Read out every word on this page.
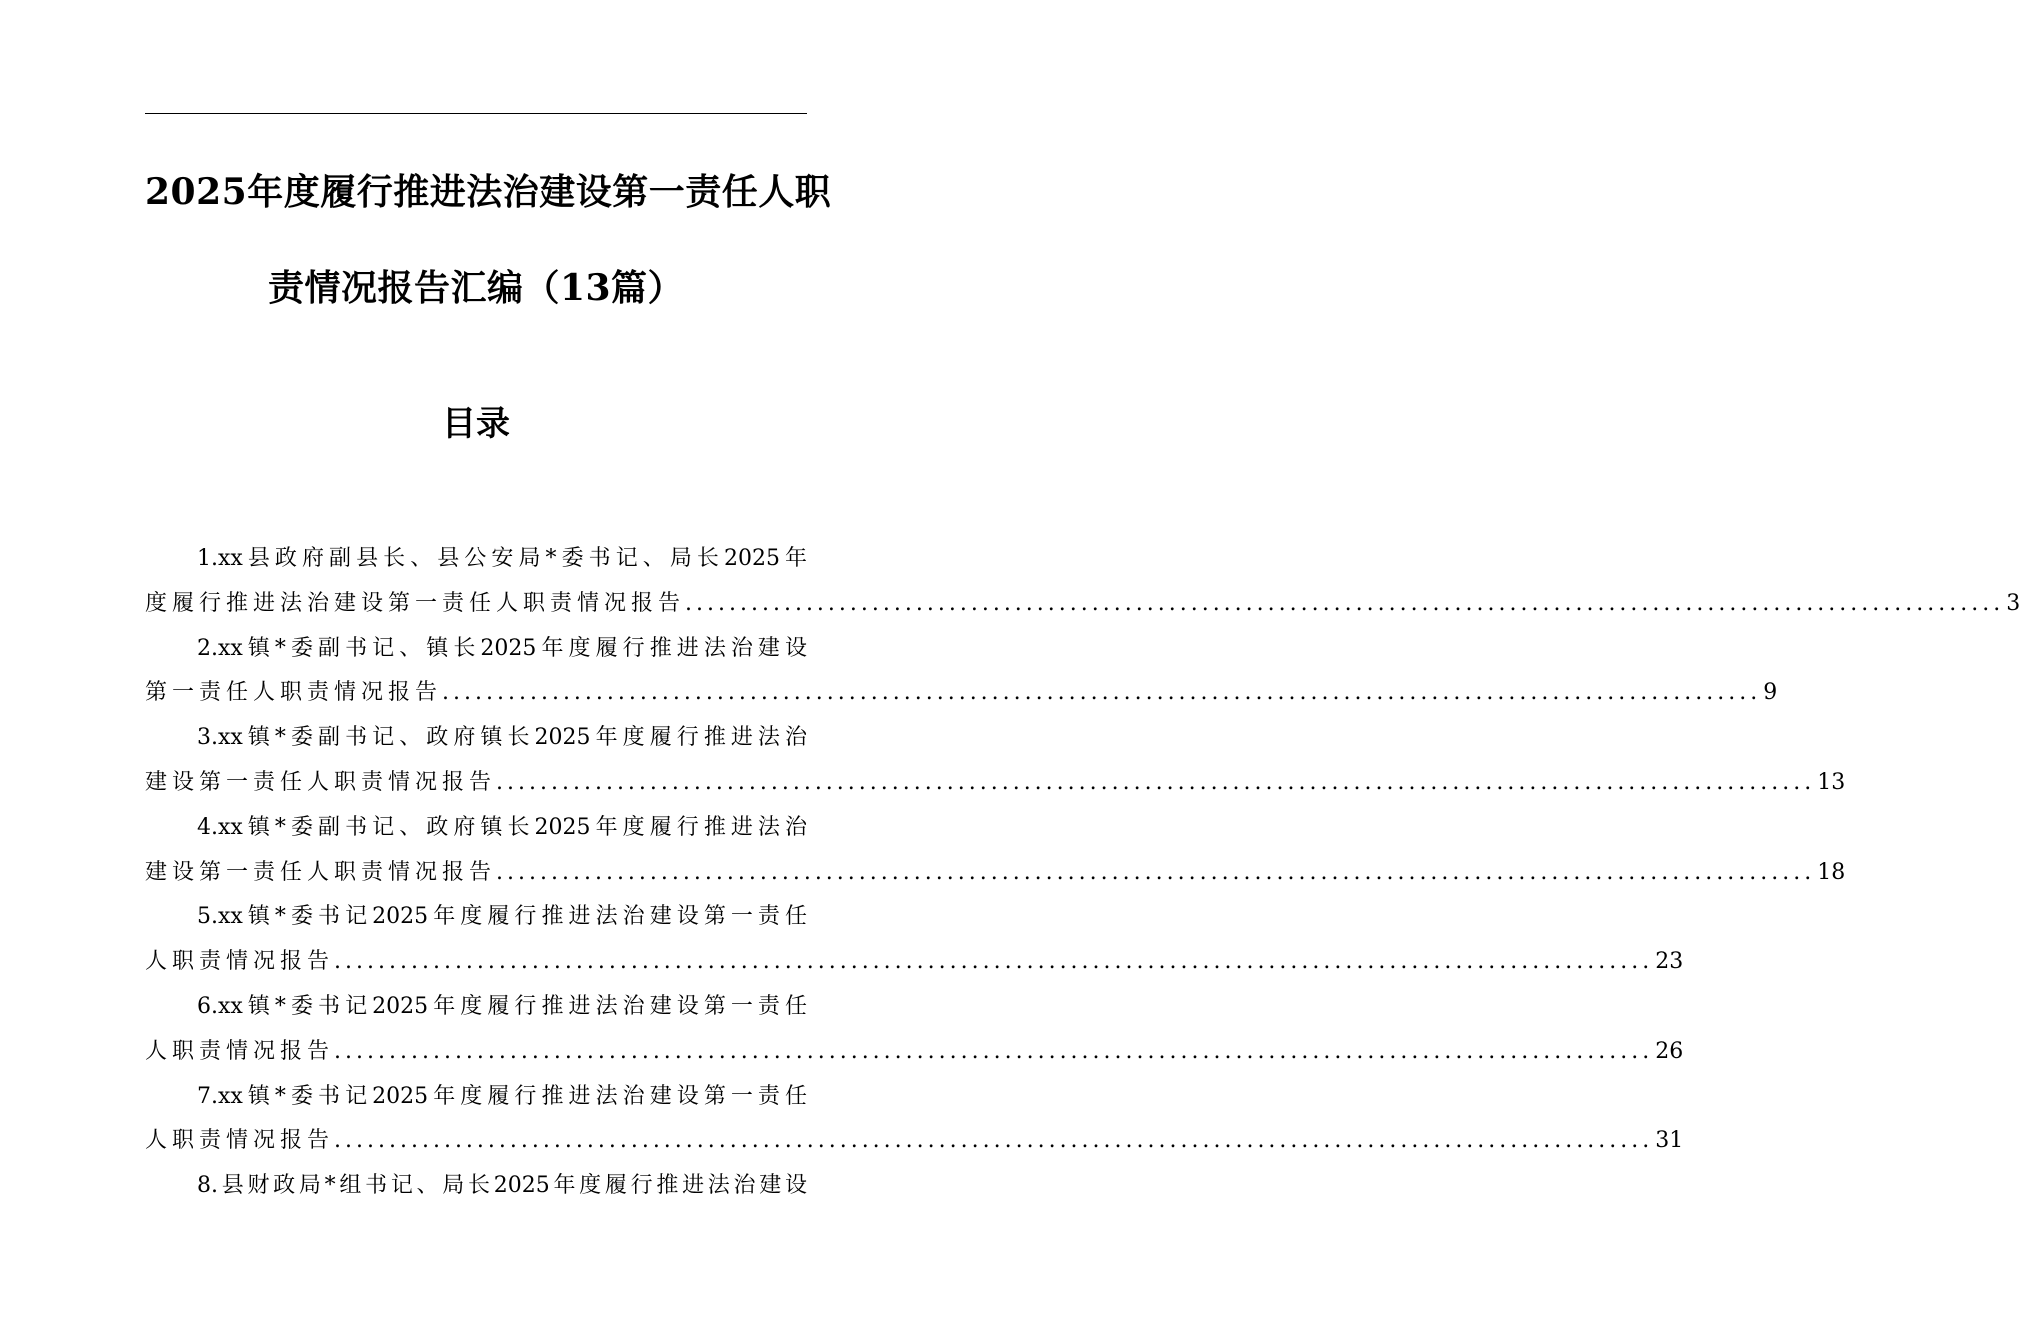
2025年度履行推进法治建设第一责任人职
责情况报告汇编（13篇）
目录
1.xx县政府副县长、县公安局*委书记、局长2025年
度履行推进法治建设第一责任人职责情况报告 ........................................................................................................................ 3
2.xx镇*委副书记、镇长2025年度履行推进法治建设
第一责任人职责情况报告 ........................................................................................................................ 9
3.xx镇*委副书记、政府镇长2025年度履行推进法治
建设第一责任人职责情况报告 ........................................................................................................................ 13
4.xx镇*委副书记、政府镇长2025年度履行推进法治
建设第一责任人职责情况报告 ........................................................................................................................ 18
5.xx镇*委书记2025年度履行推进法治建设第一责任
人职责情况报告 ........................................................................................................................ 23
6.xx镇*委书记2025年度履行推进法治建设第一责任
人职责情况报告 ........................................................................................................................ 26
7.xx镇*委书记2025年度履行推进法治建设第一责任
人职责情况报告 ........................................................................................................................ 31
8.县财政局*组书记、局长2025年度履行推进法治建设
